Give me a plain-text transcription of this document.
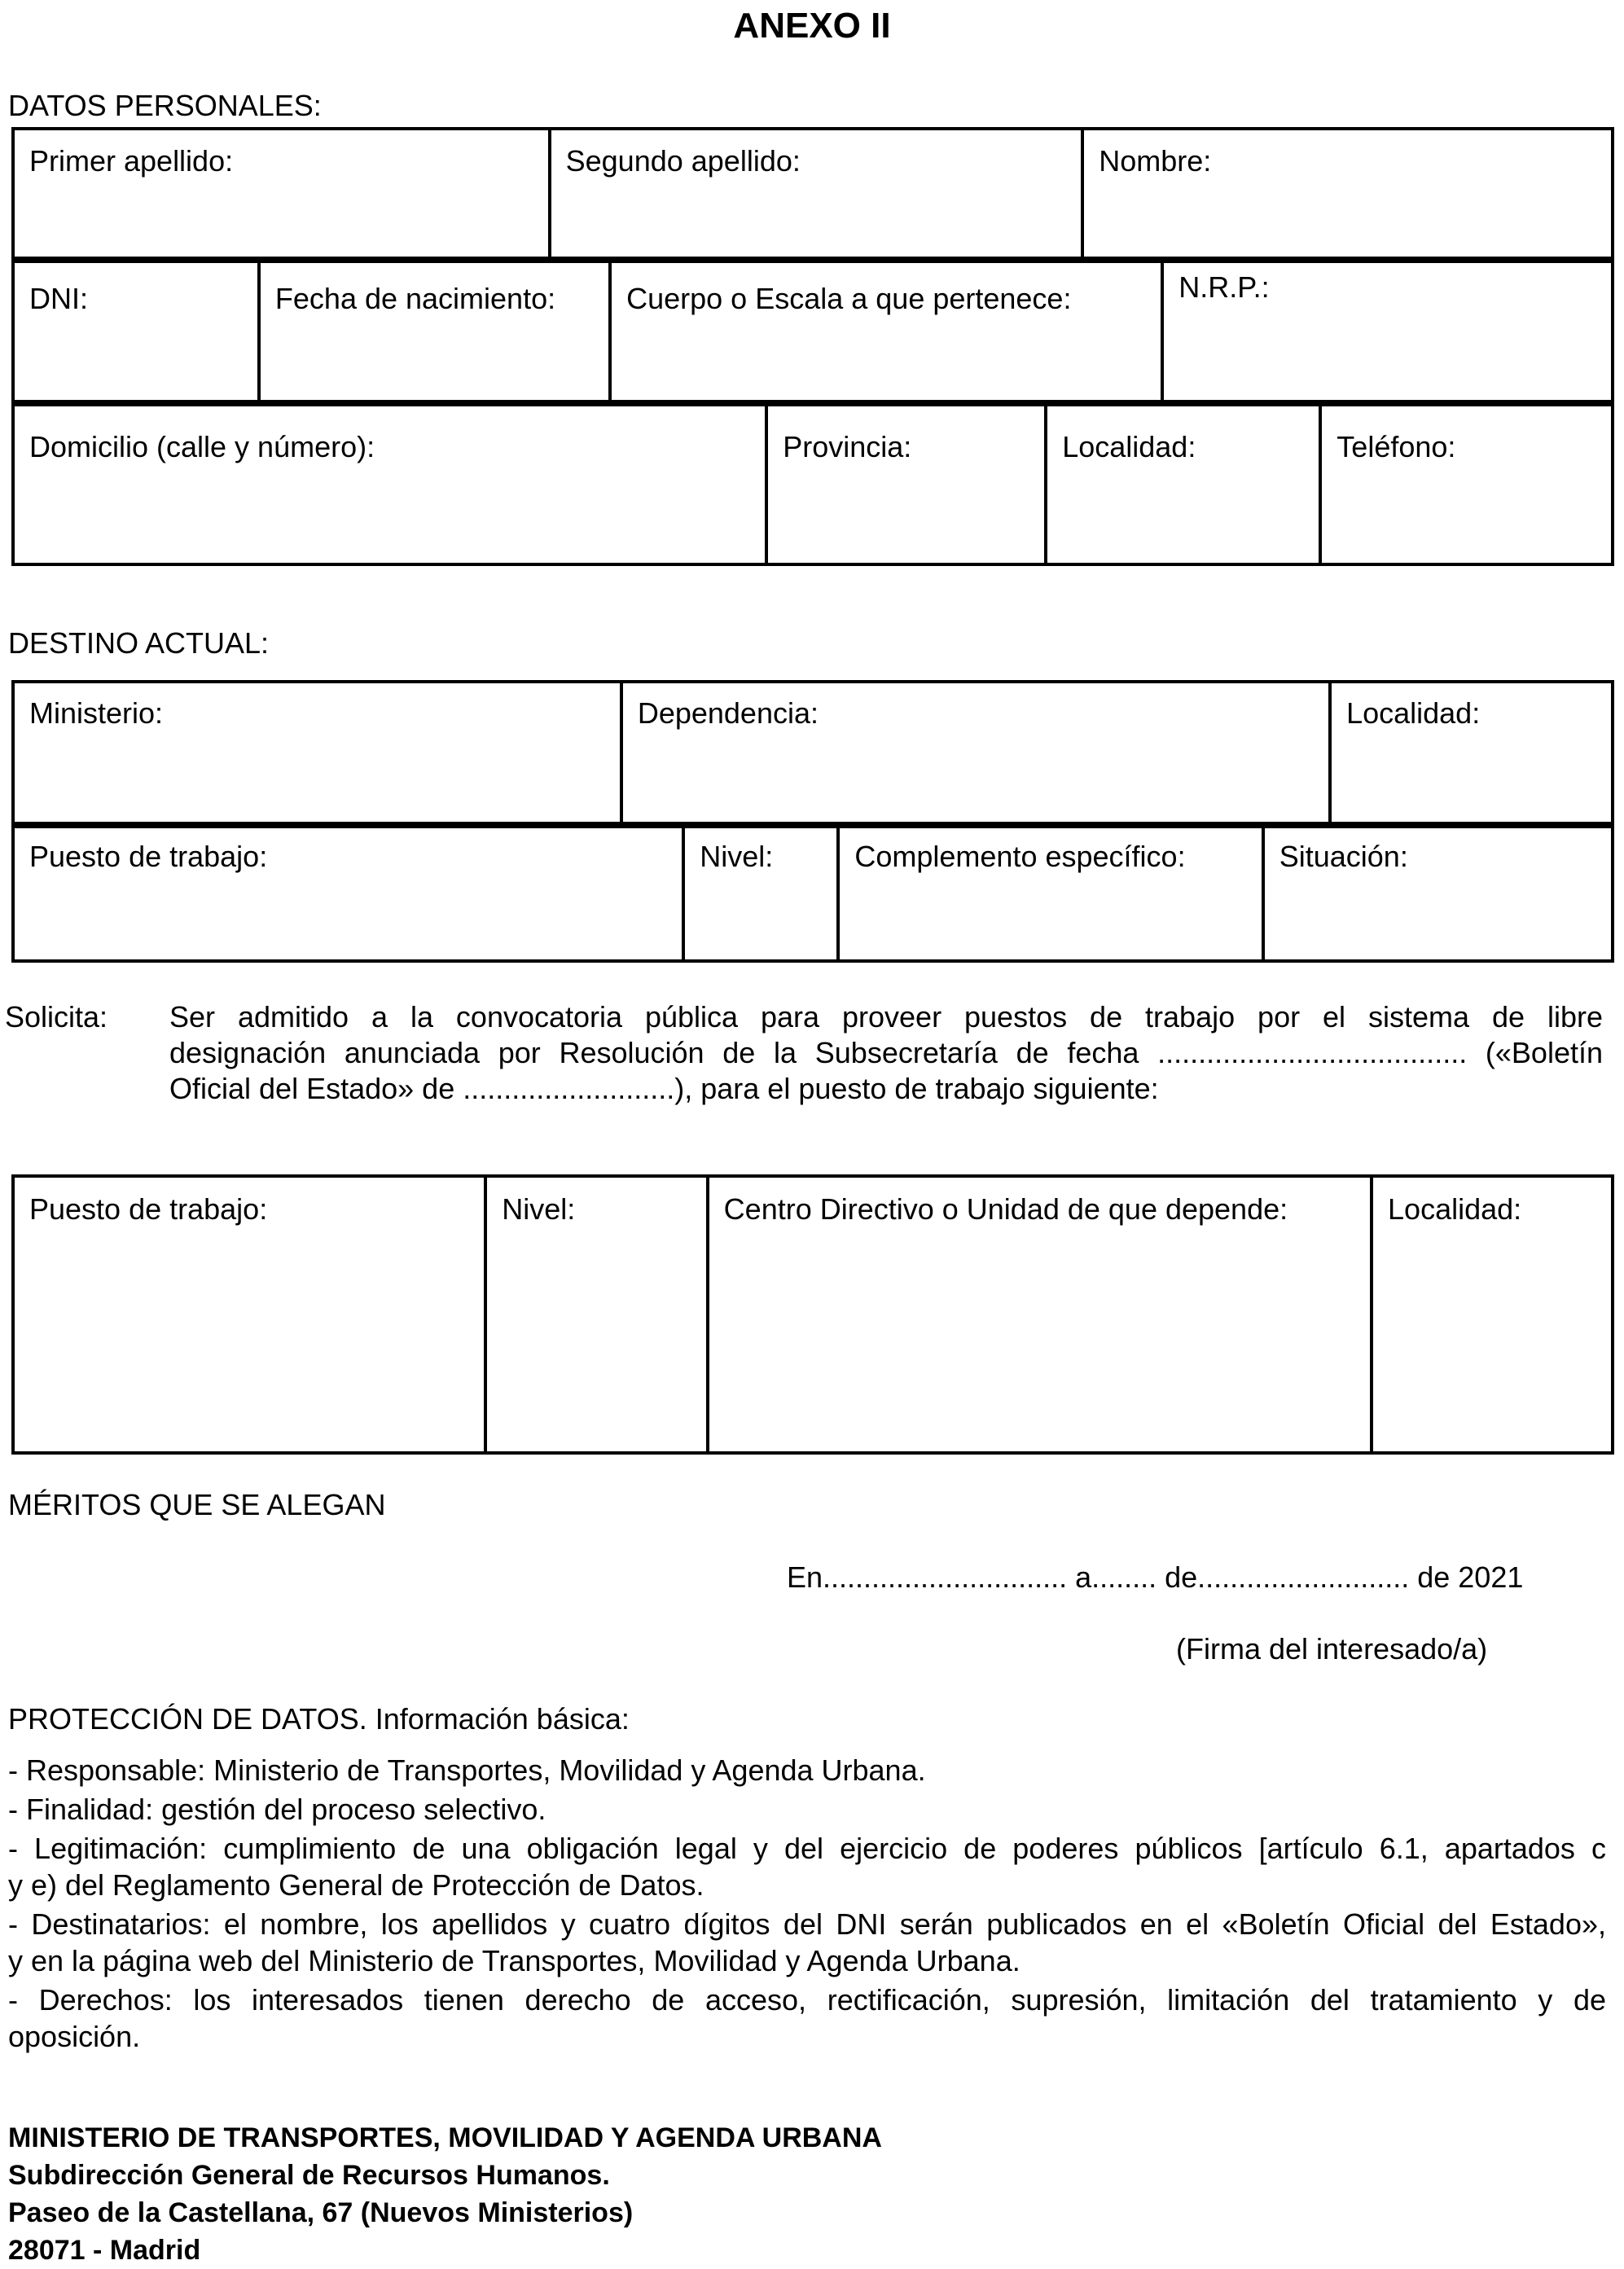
ANEXO II
DATOS PERSONALES:
Primer apellido:	Segundo apellido:	Nombre:
DNI:	Fecha de nacimiento:	Cuerpo o Escala a que pertenece:	N.R.P.:
Domicilio (calle y número):	Provincia:	Localidad:	Teléfono:
DESTINO ACTUAL:
Ministerio:	Dependencia:	Localidad:
Puesto de trabajo:	Nivel:	Complemento específico:	Situación:
Solicita: Ser admitido a la convocatoria pública para proveer puestos de trabajo por el sistema de libre
designación anunciada por Resolución de la Subsecretaría de fecha ...................................... («Boletín
Oficial del Estado» de ..........................), para el puesto de trabajo siguiente:
Puesto de trabajo:	Nivel:	Centro Directivo o Unidad de que depende:	Localidad:
MÉRITOS QUE SE ALEGAN
En.............................. a........ de.......................... de 2021
(Firma del interesado/a)
PROTECCIÓN DE DATOS. Información básica:
- Responsable: Ministerio de Transportes, Movilidad y Agenda Urbana.
- Finalidad: gestión del proceso selectivo.
- Legitimación: cumplimiento de una obligación legal y del ejercicio de poderes públicos [artículo 6.1, apartados c
y e) del Reglamento General de Protección de Datos.
- Destinatarios: el nombre, los apellidos y cuatro dígitos del DNI serán publicados en el «Boletín Oficial del Estado»,
y en la página web del Ministerio de Transportes, Movilidad y Agenda Urbana.
- Derechos: los interesados tienen derecho de acceso, rectificación, supresión, limitación del tratamiento y de
oposición.
MINISTERIO DE TRANSPORTES, MOVILIDAD Y AGENDA URBANA
Subdirección General de Recursos Humanos.
Paseo de la Castellana, 67 (Nuevos Ministerios)
28071 - Madrid
